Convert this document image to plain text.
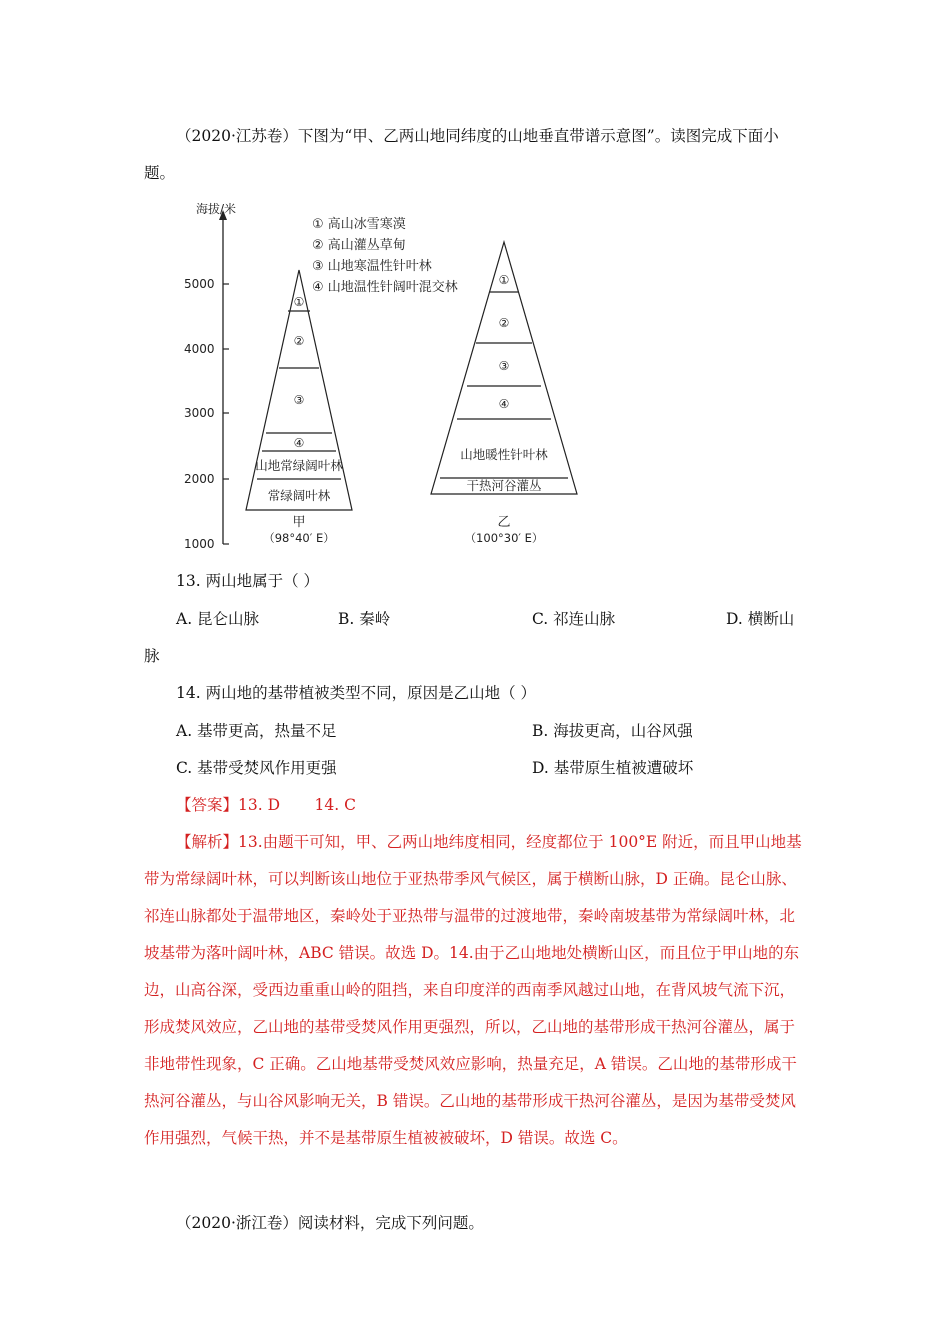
（2020·江苏卷）下图为“甲、乙两山地同纬度的山地垂直带谱示意图”。读图完成下面小题。
海拔/米
5000
4000
3000
2000
1000
① 高山冰雪寒漠
② 高山灌丛草甸
③ 山地寒温性针叶林
④ 山地温性针阔叶混交林
①
②
③
④
山地常绿阔叶林
常绿阔叶林
甲
（98°40′ E）
①
②
③
④
山地暖性针叶林
干热河谷灌丛
乙
（100°30′ E）
13. 两山地属于（ ）
A. 昆仑山脉	B. 秦岭	C. 祁连山脉	D. 横断山
脉
14. 两山地的基带植被类型不同，原因是乙山地（ ）
A. 基带更高，热量不足	B. 海拔更高，山谷风强
C. 基带受焚风作用更强	D. 基带原生植被遭破坏
【答案】13. D       14. C
【解析】13.由题干可知，甲、乙两山地纬度相同，经度都位于 100°E 附近，而且甲山地基带为常绿阔叶林，可以判断该山地位于亚热带季风气候区，属于横断山脉，D 正确。昆仑山脉、祁连山脉都处于温带地区，秦岭处于亚热带与温带的过渡地带，秦岭南坡基带为常绿阔叶林，北坡基带为落叶阔叶林，ABC 错误。故选 D。14.由于乙山地地处横断山区，而且位于甲山地的东边，山高谷深，受西边重重山岭的阻挡，来自印度洋的西南季风越过山地，在背风坡气流下沉，形成焚风效应，乙山地的基带受焚风作用更强烈，所以，乙山地的基带形成干热河谷灌丛，属于非地带性现象，C 正确。乙山地基带受焚风效应影响，热量充足，A 错误。乙山地的基带形成干热河谷灌丛，与山谷风影响无关，B 错误。乙山地的基带形成干热河谷灌丛，是因为基带受焚风作用强烈，气候干热，并不是基带原生植被被破坏，D 错误。故选 C。
（2020·浙江卷）阅读材料，完成下列问题。
